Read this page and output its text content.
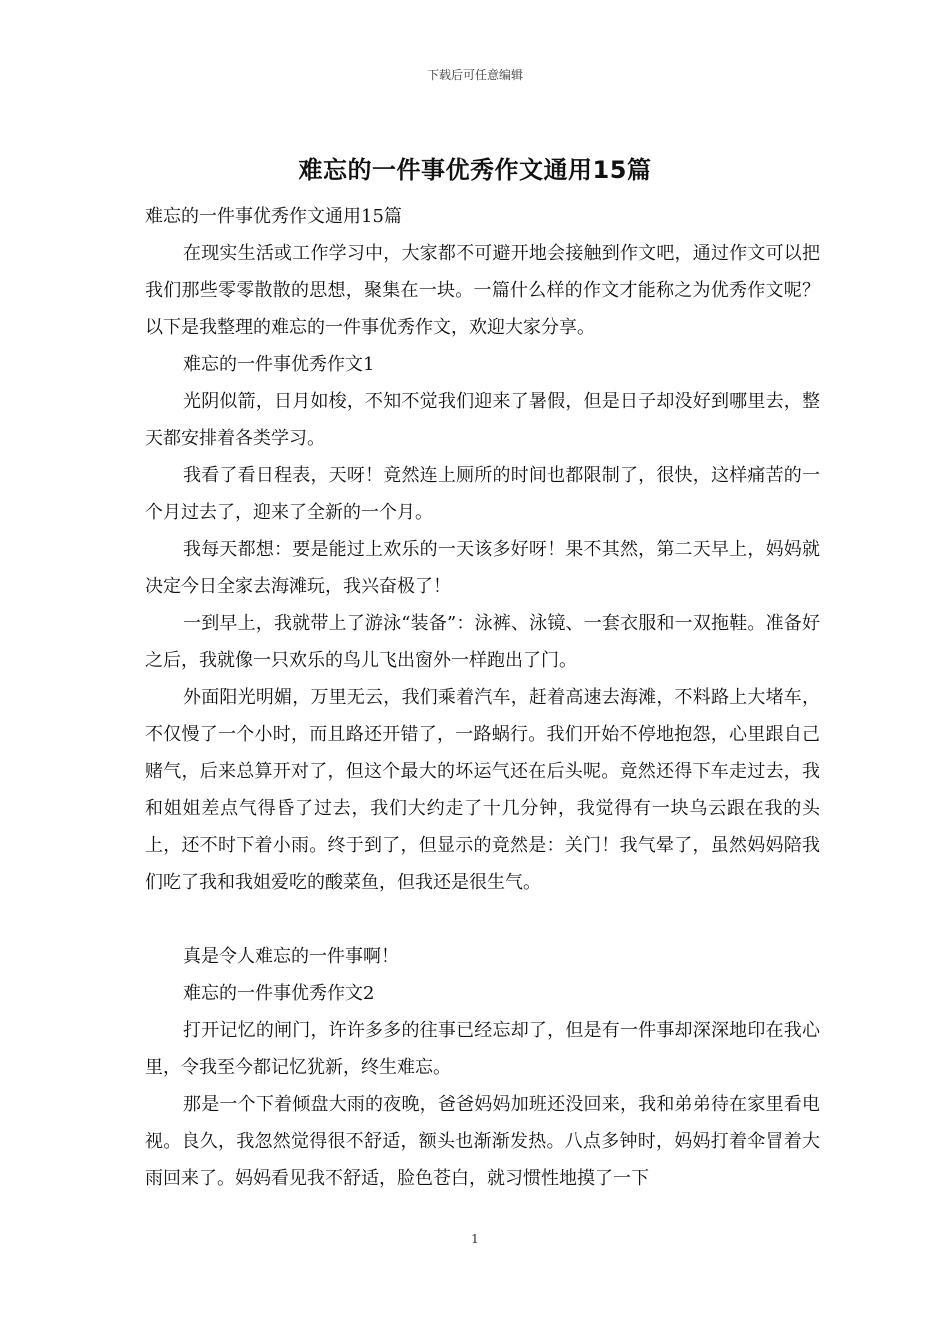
下载后可任意编辑
难忘的一件事优秀作文通用15篇

难忘的一件事优秀作文通用15篇

在现实生活或工作学习中，大家都不可避开地会接触到作文吧，通过作文可以把我们那些零零散散的思想，聚集在一块。一篇什么样的作文才能称之为优秀作文呢？以下是我整理的难忘的一件事优秀作文，欢迎大家分享。

难忘的一件事优秀作文1

光阴似箭，日月如梭，不知不觉我们迎来了暑假，但是日子却没好到哪里去，整天都安排着各类学习。

我看了看日程表，天呀！竟然连上厕所的时间也都限制了，很快，这样痛苦的一个月过去了，迎来了全新的一个月。

我每天都想：要是能过上欢乐的一天该多好呀！果不其然，第二天早上，妈妈就决定今日全家去海滩玩，我兴奋极了！

一到早上，我就带上了游泳“装备”：泳裤、泳镜、一套衣服和一双拖鞋。准备好之后，我就像一只欢乐的鸟儿飞出窗外一样跑出了门。

外面阳光明媚，万里无云，我们乘着汽车，赶着高速去海滩，不料路上大堵车，不仅慢了一个小时，而且路还开错了，一路蜗行。我们开始不停地抱怨，心里跟自己赌气，后来总算开对了，但这个最大的坏运气还在后头呢。竟然还得下车走过去，我和姐姐差点气得昏了过去，我们大约走了十几分钟，我觉得有一块乌云跟在我的头上，还不时下着小雨。终于到了，但显示的竟然是：关门！我气晕了，虽然妈妈陪我们吃了我和我姐爱吃的酸菜鱼，但我还是很生气。

真是令人难忘的一件事啊！

难忘的一件事优秀作文2

打开记忆的闸门，许许多多的往事已经忘却了，但是有一件事却深深地印在我心里，令我至今都记忆犹新，终生难忘。

那是一个下着倾盘大雨的夜晚，爸爸妈妈加班还没回来，我和弟弟待在家里看电视。良久，我忽然觉得很不舒适，额头也渐渐发热。八点多钟时，妈妈打着伞冒着大雨回来了。妈妈看见我不舒适，脸色苍白，就习惯性地摸了一下

1
